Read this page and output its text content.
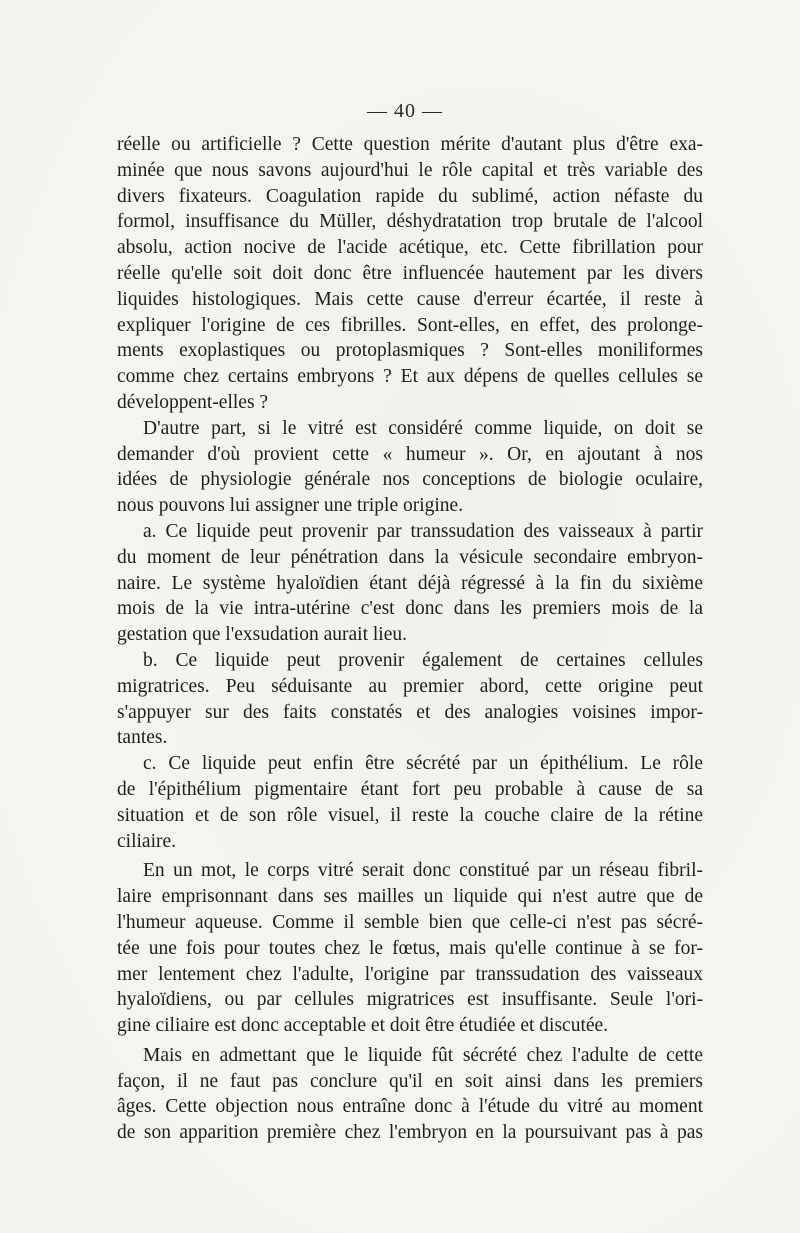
— 40 —
réelle ou artificielle ? Cette question mérite d'autant plus d'être exa-
minée que nous savons aujourd'hui le rôle capital et très variable des
divers fixateurs. Coagulation rapide du sublimé, action néfaste du
formol, insuffisance du Müller, déshydratation trop brutale de l'alcool
absolu, action nocive de l'acide acétique, etc. Cette fibrillation pour
réelle qu'elle soit doit donc être influencée hautement par les divers
liquides histologiques. Mais cette cause d'erreur écartée, il reste à
expliquer l'origine de ces fibrilles. Sont-elles, en effet, des prolonge-
ments exoplastiques ou protoplasmiques ? Sont-elles moniliformes
comme chez certains embryons ? Et aux dépens de quelles cellules se
développent-elles ?
D'autre part, si le vitré est considéré comme liquide, on doit se
demander d'où provient cette « humeur ». Or, en ajoutant à nos
idées de physiologie générale nos conceptions de biologie oculaire,
nous pouvons lui assigner une triple origine.
a. Ce liquide peut provenir par transsudation des vaisseaux à partir
du moment de leur pénétration dans la vésicule secondaire embryon-
naire. Le système hyaloïdien étant déjà régressé à la fin du sixième
mois de la vie intra-utérine c'est donc dans les premiers mois de la
gestation que l'exsudation aurait lieu.
b. Ce liquide peut provenir également de certaines cellules
migratrices. Peu séduisante au premier abord, cette origine peut
s'appuyer sur des faits constatés et des analogies voisines impor-
tantes.
c. Ce liquide peut enfin être sécrété par un épithélium. Le rôle
de l'épithélium pigmentaire étant fort peu probable à cause de sa
situation et de son rôle visuel, il reste la couche claire de la rétine
ciliaire.
En un mot, le corps vitré serait donc constitué par un réseau fibril-
laire emprisonnant dans ses mailles un liquide qui n'est autre que de
l'humeur aqueuse. Comme il semble bien que celle-ci n'est pas sécré-
tée une fois pour toutes chez le fœtus, mais qu'elle continue à se for-
mer lentement chez l'adulte, l'origine par transsudation des vaisseaux
hyaloïdiens, ou par cellules migratrices est insuffisante. Seule l'ori-
gine ciliaire est donc acceptable et doit être étudiée et discutée.
Mais en admettant que le liquide fût sécrété chez l'adulte de cette
façon, il ne faut pas conclure qu'il en soit ainsi dans les premiers
âges. Cette objection nous entraîne donc à l'étude du vitré au moment
de son apparition première chez l'embryon en la poursuivant pas à pas
